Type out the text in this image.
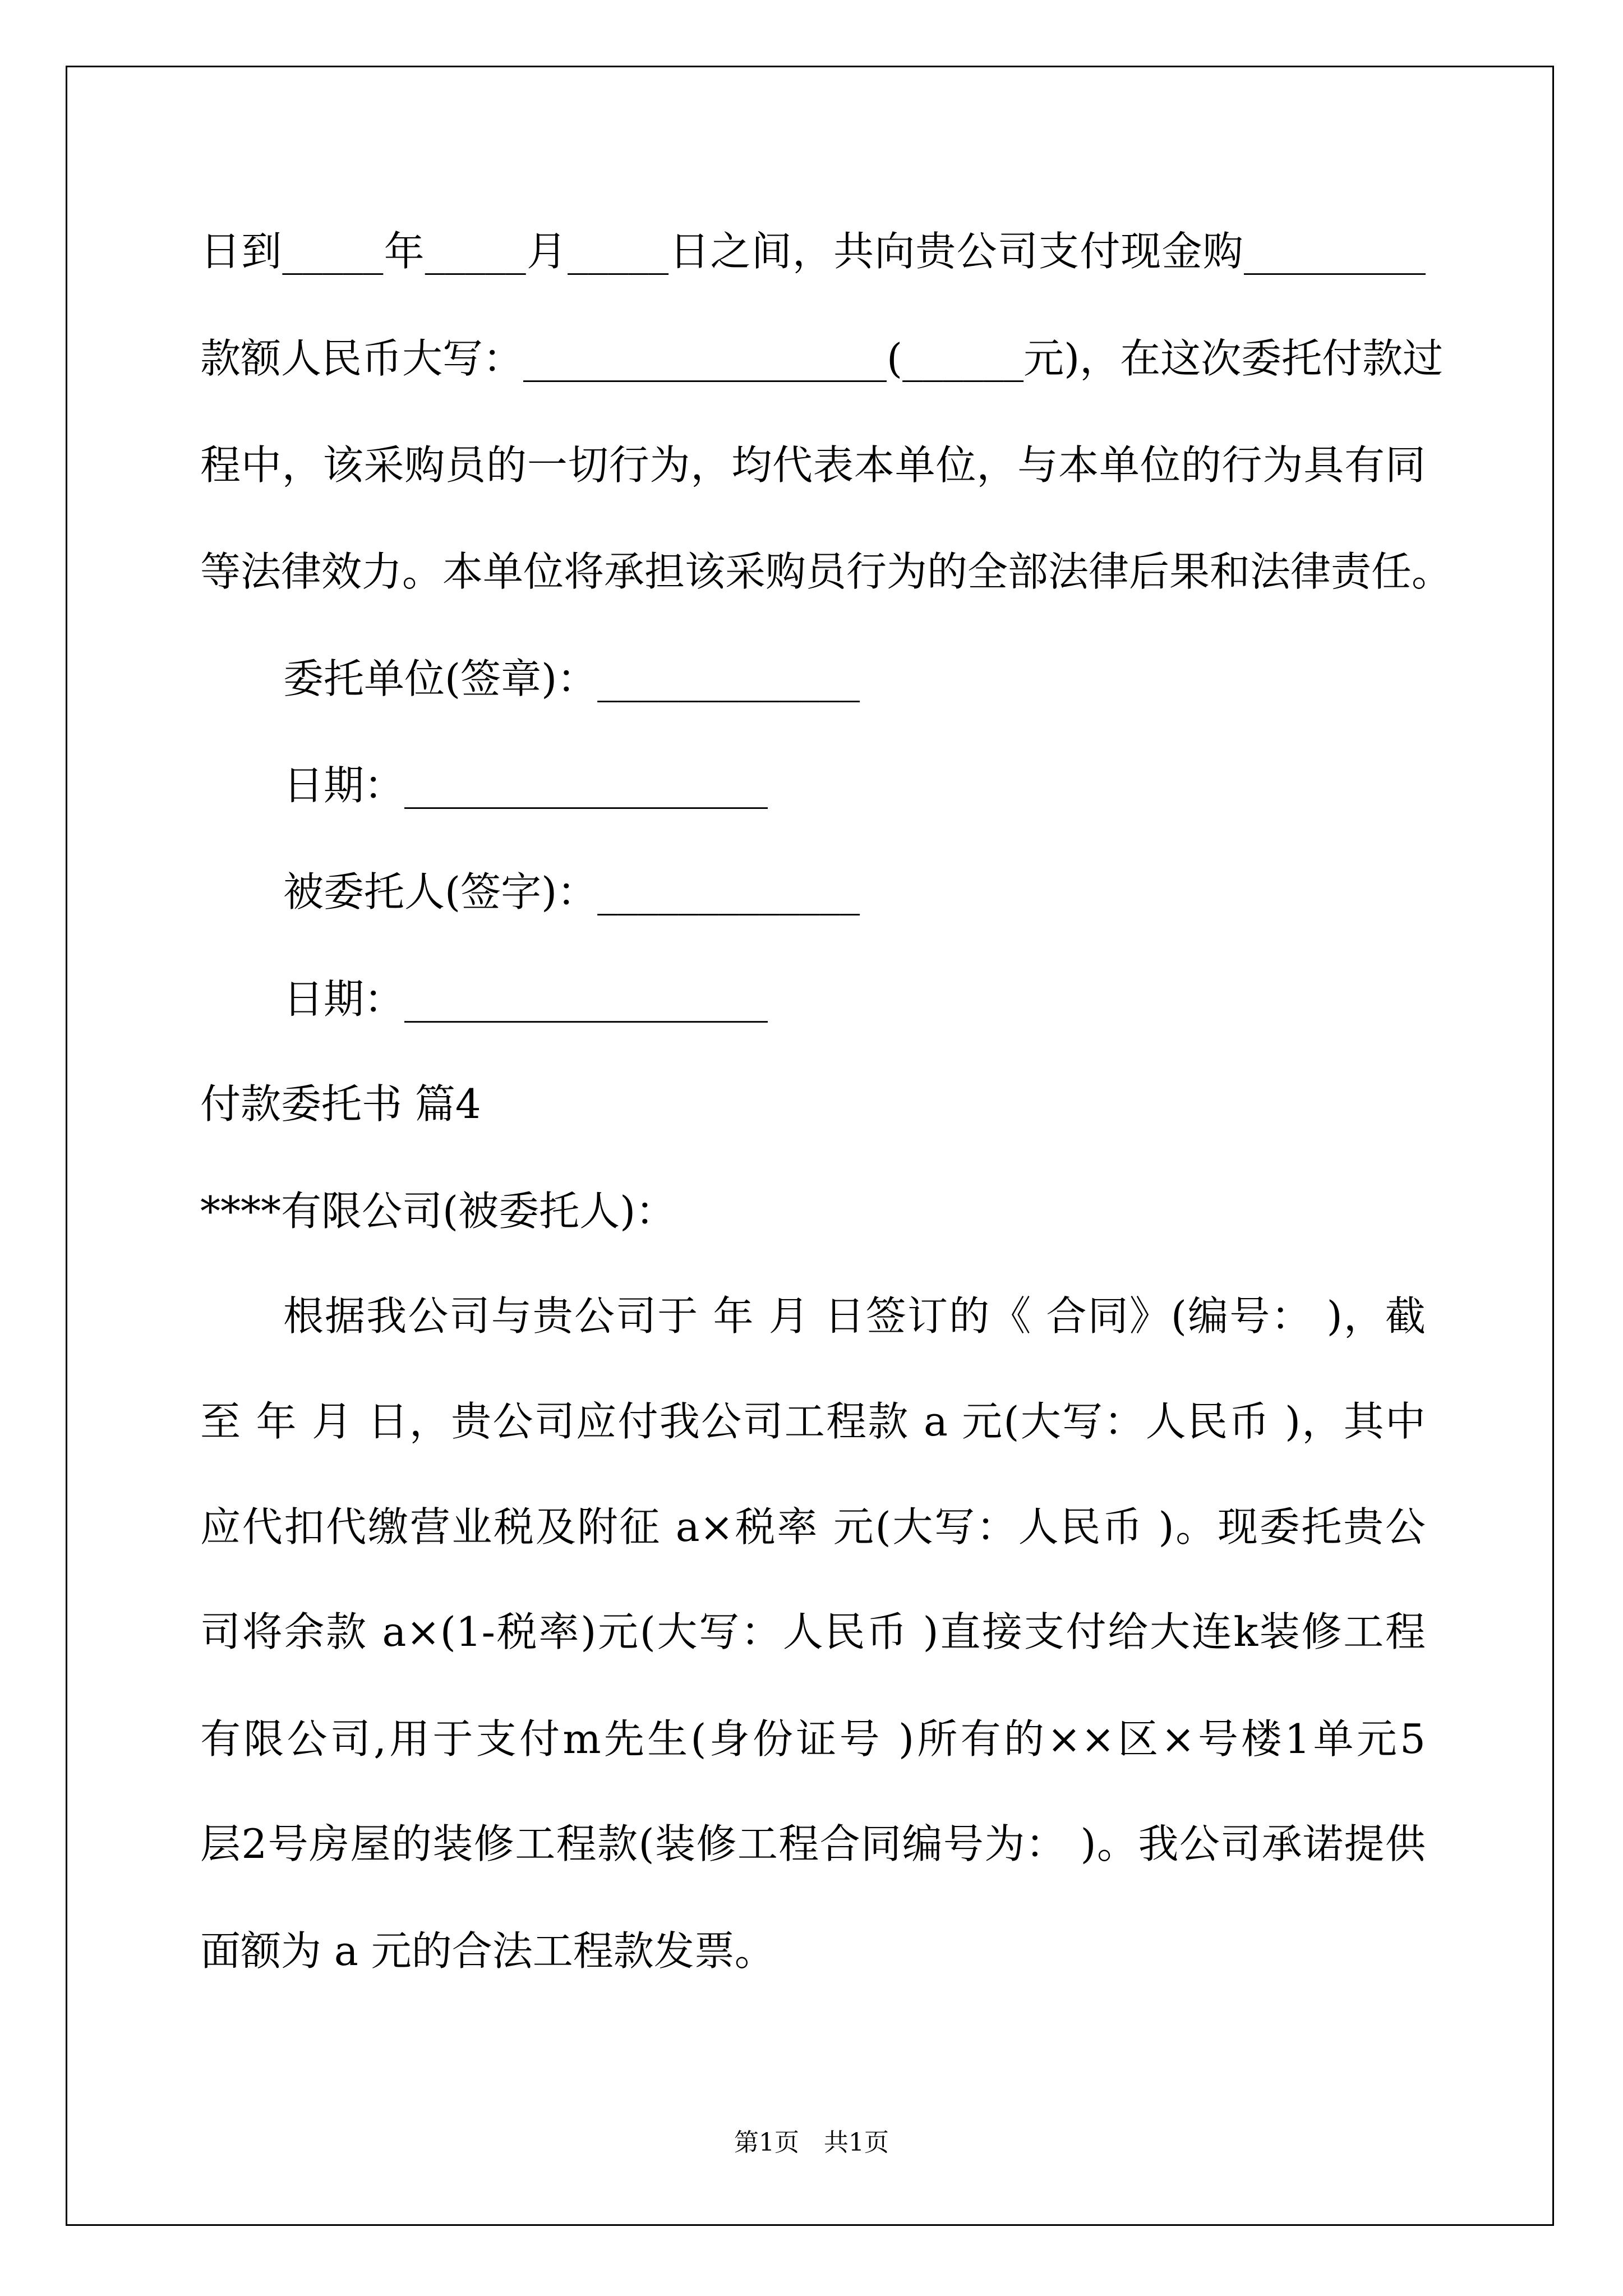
日到_____年_____月_____日之间，共向贵公司支付现金购_________
款额人民币大写：__________________(______元)，在这次委托付款过
程中，该采购员的一切行为，均代表本单位，与本单位的行为具有同
等法律效力。本单位将承担该采购员行为的全部法律后果和法律责任。
委托单位(签章)：_____________
日期：__________________
被委托人(签字)：_____________
日期：__________________
付款委托书 篇4
****有限公司(被委托人)：
根据我公司与贵公司于 年 月 日签订的《 合同》(编号： )，截
至 年 月 日，贵公司应付我公司工程款 a 元(大写：人民币 )，其中
应代扣代缴营业税及附征 a×税率 元(大写：人民币 )。现委托贵公
司将余款 a×(1-税率)元(大写：人民币 )直接支付给大连k装修工程
有限公司,用于支付m先生(身份证号 )所有的××区×号楼1单元5
层2号房屋的装修工程款(装修工程合同编号为： )。我公司承诺提供
面额为 a 元的合法工程款发票。
第1页　共1页
